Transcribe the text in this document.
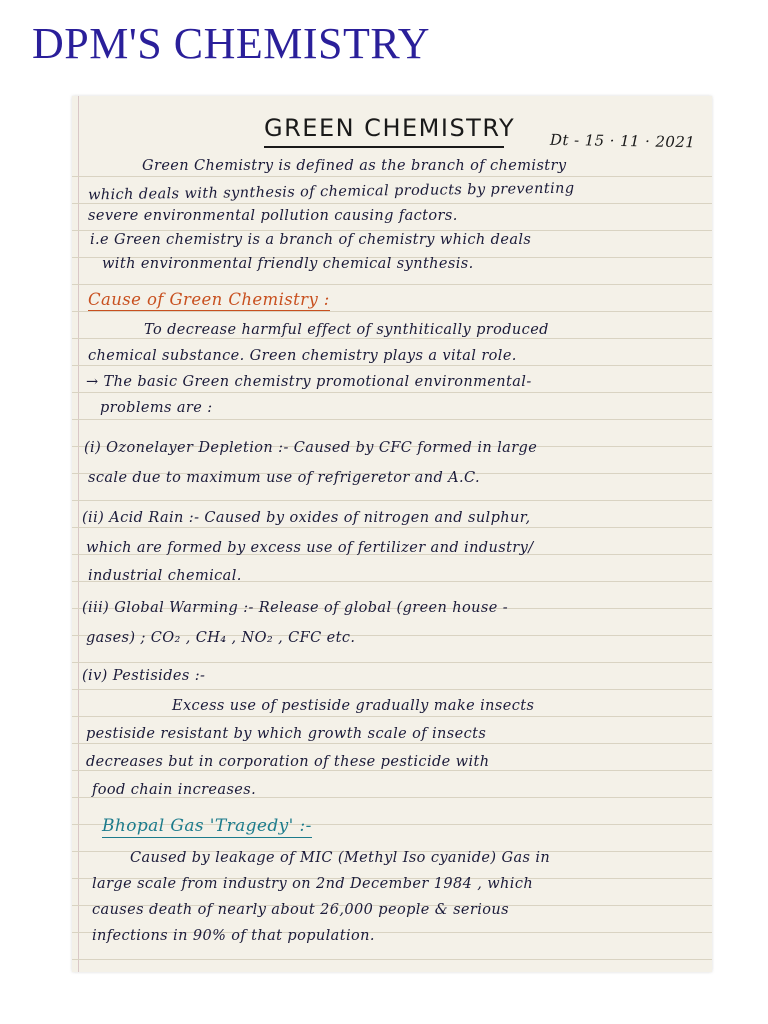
DPM'S CHEMISTRY
GREEN CHEMISTRY Dt - 15 · 11 · 2021
Green Chemistry is defined as the branch of chemistry
which deals with synthesis of chemical products by preventing
severe environmental pollution causing factors.
i.e Green chemistry is a branch of chemistry which deals
with environmental friendly chemical synthesis.
Cause of Green Chemistry :
To decrease harmful effect of synthitically produced
chemical substance. Green chemistry plays a vital role.
→ The basic Green chemistry promotional environmental-
problems are :
(i) Ozonelayer Depletion :- Caused by CFC formed in large
scale due to maximum use of refrigeretor and A.C.
(ii) Acid Rain :- Caused by oxides of nitrogen and sulphur,
which are formed by excess use of fertilizer and industry/
industrial chemical.
(iii) Global Warming :- Release of global (green house -
gases) ; CO₂ , CH₄ , NO₂ , CFC etc.
(iv) Pestisides :-
Excess use of pestiside gradually make insects
pestiside resistant by which growth scale of insects
decreases but in corporation of these pesticide with
food chain increases.
Bhopal Gas 'Tragedy' :-
Caused by leakage of MIC (Methyl Iso cyanide) Gas in
large scale from industry on 2nd December 1984 , which
causes death of nearly about 26,000 people & serious
infections in 90% of that population.
